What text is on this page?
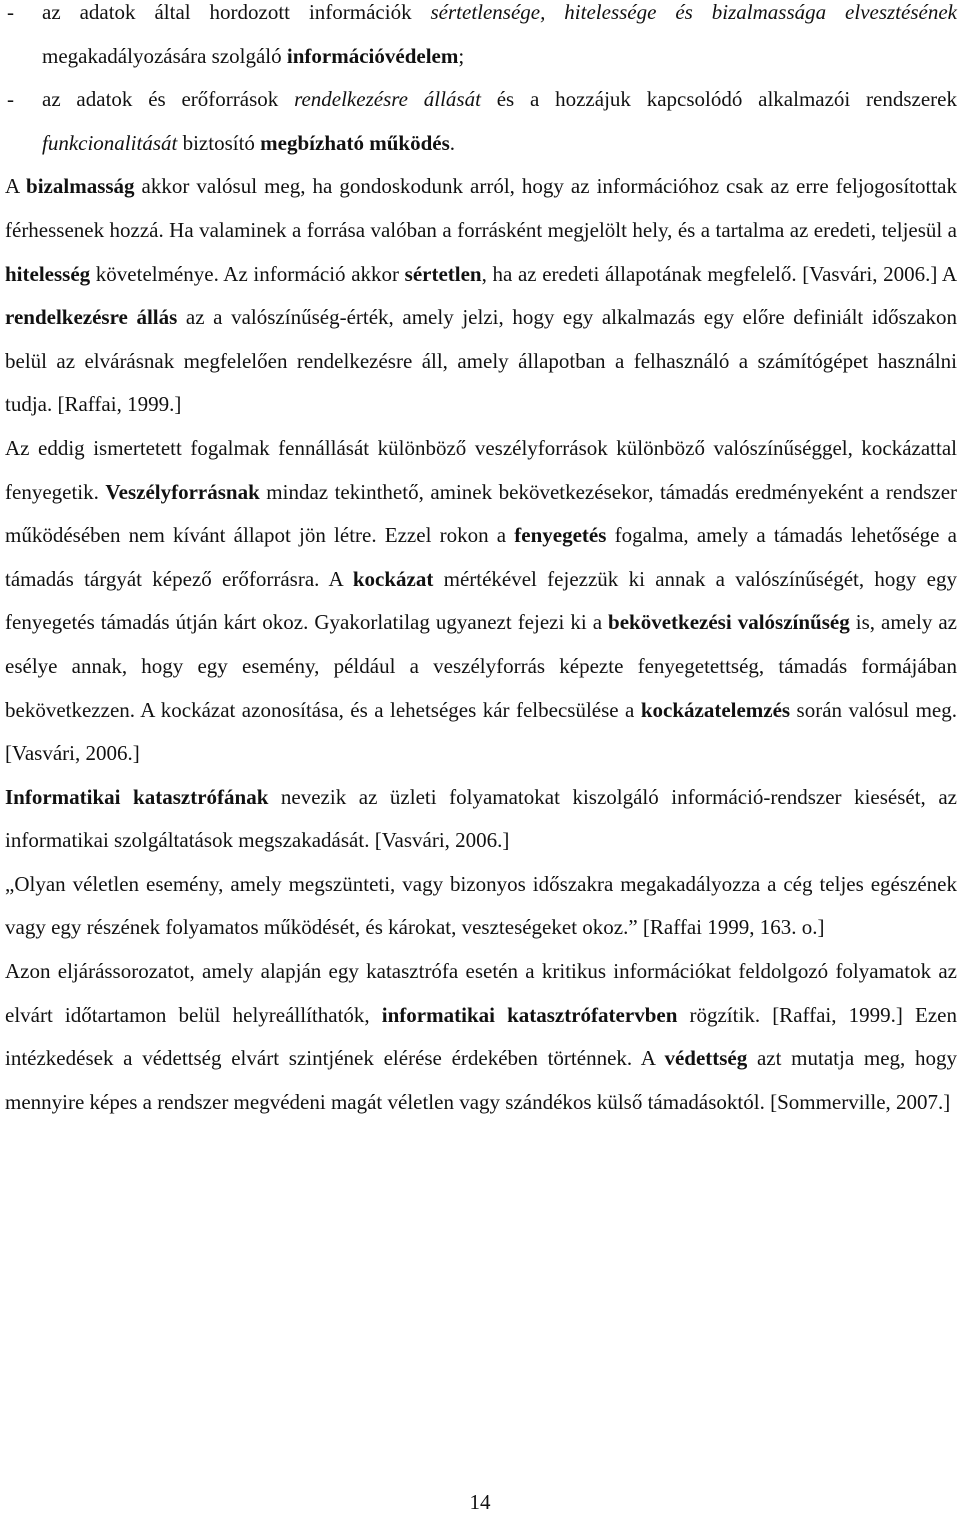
-	az adatok által hordozott információk sértetlensége, hitelessége és bizalmassága elvesztésének megakadályozására szolgáló információvédelem;
-	az adatok és erőforrások rendelkezésre állását és a hozzájuk kapcsolódó alkalmazói rendszerek funkcionalitását biztosító megbízható működés.

A bizalmasság akkor valósul meg, ha gondoskodunk arról, hogy az információhoz csak az erre feljogosítottak férhessenek hozzá. Ha valaminek a forrása valóban a forrásként megjelölt hely, és a tartalma az eredeti, teljesül a hitelesség követelménye. Az információ akkor sértetlen, ha az eredeti állapotának megfelelő. [Vasvári, 2006.] A rendelkezésre állás az a valószínűség-érték, amely jelzi, hogy egy alkalmazás egy előre definiált időszakon belül az elvárásnak megfelelően rendelkezésre áll, amely állapotban a felhasználó a számítógépet használni tudja. [Raffai, 1999.]

Az eddig ismertetett fogalmak fennállását különböző veszélyforrások különböző valószínűséggel, kockázattal fenyegetik. Veszélyforrásnak mindaz tekinthető, aminek bekövetkezésekor, támadás eredményeként a rendszer működésében nem kívánt állapot jön létre. Ezzel rokon a fenyegetés fogalma, amely a támadás lehetősége a támadás tárgyát képező erőforrásra. A kockázat mértékével fejezzük ki annak a valószínűségét, hogy egy fenyegetés támadás útján kárt okoz. Gyakorlatilag ugyanezt fejezi ki a bekövetkezési valószínűség is, amely az esélye annak, hogy egy esemény, például a veszélyforrás képezte fenyegetettség, támadás formájában bekövetkezzen. A kockázat azonosítása, és a lehetséges kár felbecsülése a kockázatelemzés során valósul meg. [Vasvári, 2006.]

Informatikai katasztrófának nevezik az üzleti folyamatokat kiszolgáló információ-rendszer kiesését, az informatikai szolgáltatások megszakadását. [Vasvári, 2006.]

„Olyan véletlen esemény, amely megszünteti, vagy bizonyos időszakra megakadályozza a cég teljes egészének vagy egy részének folyamatos működését, és károkat, veszteségeket okoz.” [Raffai 1999, 163. o.]

Azon eljárássorozatot, amely alapján egy katasztrófa esetén a kritikus információkat feldolgozó folyamatok az elvárt időtartamon belül helyreállíthatók, informatikai katasztrófatervben rögzítik. [Raffai, 1999.] Ezen intézkedések a védettség elvárt szintjének elérése érdekében történnek. A védettség azt mutatja meg, hogy mennyire képes a rendszer megvédeni magát véletlen vagy szándékos külső támadásoktól. [Sommerville, 2007.]

14
